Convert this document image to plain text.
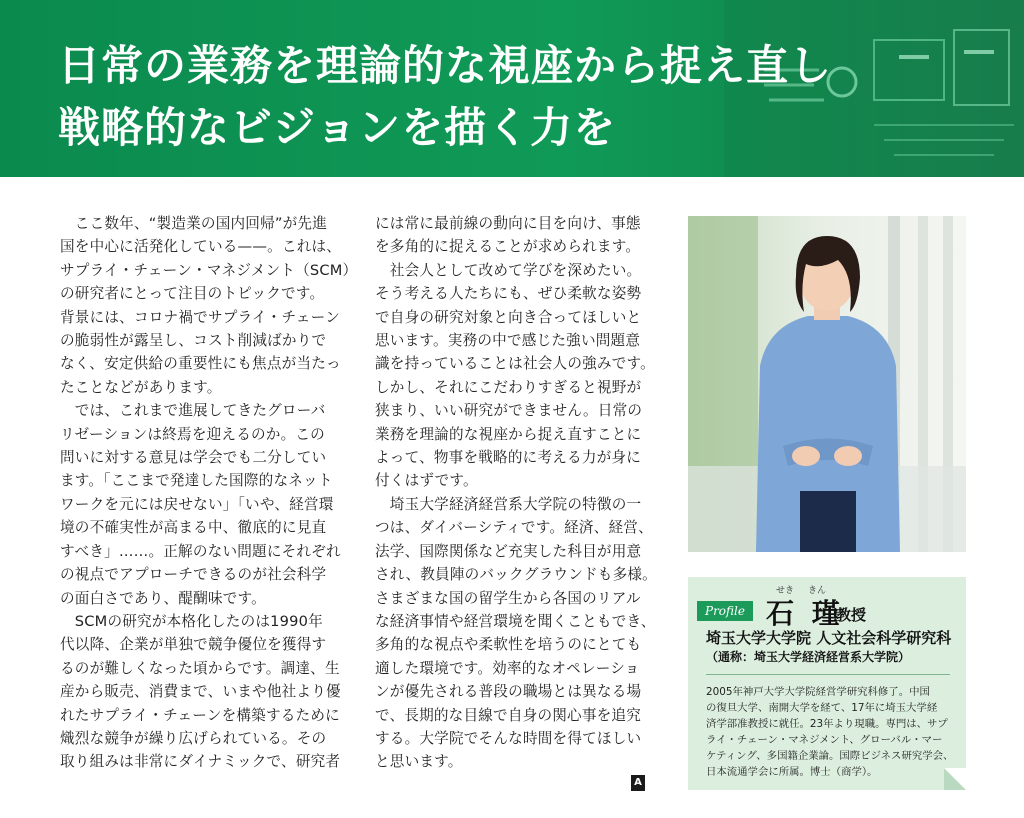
日常の業務を理論的な視座から捉え直し
戦略的なビジョンを描く力を

　ここ数年、“製造業の国内回帰”が先進

国を中心に活発化している——。これは、

サプライ・チェーン・マネジメント（SCM）

の研究者にとって注目のトピックです。

背景には、コロナ禍でサプライ・チェーン

の脆弱性が露呈し、コスト削減ばかりで

なく、安定供給の重要性にも焦点が当たっ

たことなどがあります。

　では、これまで進展してきたグローバ

リゼーションは終焉を迎えるのか。この

問いに対する意見は学会でも二分してい

ます。「ここまで発達した国際的なネット

ワークを元には戻せない」「いや、経営環

境の不確実性が高まる中、徹底的に見直

すべき」……。正解のない問題にそれぞれ

の視点でアプローチできるのが社会科学

の面白さであり、醍醐味です。

　SCMの研究が本格化したのは1990年

代以降、企業が単独で競争優位を獲得す

るのが難しくなった頃からです。調達、生

産から販売、消費まで、いまや他社より優

れたサプライ・チェーンを構築するために

熾烈な競争が繰り広げられている。その

取り組みは非常にダイナミックで、研究者

には常に最前線の動向に目を向け、事態

を多角的に捉えることが求められます。

　社会人として改めて学びを深めたい。

そう考える人たちにも、ぜひ柔軟な姿勢

で自身の研究対象と向き合ってほしいと

思います。実務の中で感じた強い問題意

識を持っていることは社会人の強みです。

しかし、それにこだわりすぎると視野が

狭まり、いい研究ができません。日常の

業務を理論的な視座から捉え直すことに

よって、物事を戦略的に考える力が身に

付くはずです。

　埼玉大学経済経営系大学院の特徴の一

つは、ダイバーシティです。経済、経営、

法学、国際関係など充実した科目が用意

され、教員陣のバックグラウンドも多様。

さまざまな国の留学生から各国のリアル

な経済事情や経営環境を聞くこともでき、

多角的な視点や柔軟性を培うのにとても

適した環境です。効率的なオペレーショ

ンが優先される普段の職場とは異なる場

で、長期的な目線で自身の関心事を追究

する。大学院でそんな時間を得てほしい

と思います。

A
Profile
せき きん
石 瑾
教授
埼玉大学大学院 人文社会科学研究科
（通称：埼玉大学経済経営系大学院）
2005年神戸大学大学院経営学研究科修了。中国
の復旦大学、南開大学を経て、17年に埼玉大学経
済学部准教授に就任。23年より現職。専門は、サプ
ライ・チェーン・マネジメント、グローバル・マー
ケティング、多国籍企業論。国際ビジネス研究学会、
日本流通学会に所属。博士（商学）。
